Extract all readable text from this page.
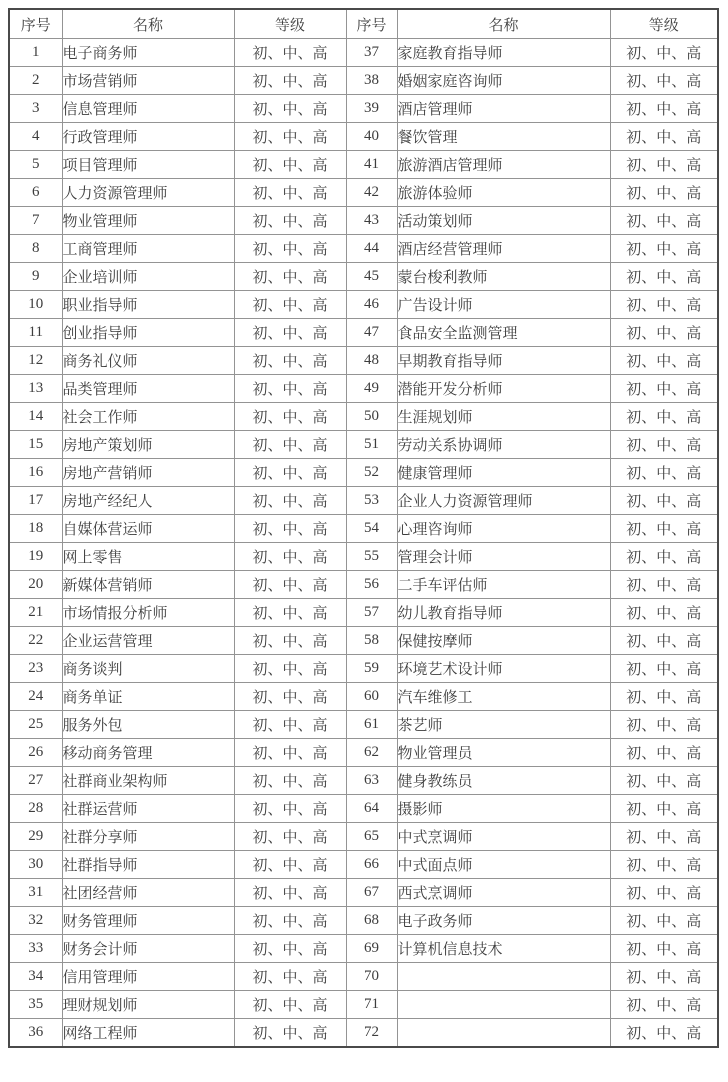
序号	名称	等级	序号	名称	等级
1	电子商务师	初、中、高	37	家庭教育指导师	初、中、高
2	市场营销师	初、中、高	38	婚姻家庭咨询师	初、中、高
3	信息管理师	初、中、高	39	酒店管理师	初、中、高
4	行政管理师	初、中、高	40	餐饮管理	初、中、高
5	项目管理师	初、中、高	41	旅游酒店管理师	初、中、高
6	人力资源管理师	初、中、高	42	旅游体验师	初、中、高
7	物业管理师	初、中、高	43	活动策划师	初、中、高
8	工商管理师	初、中、高	44	酒店经营管理师	初、中、高
9	企业培训师	初、中、高	45	蒙台梭利教师	初、中、高
10	职业指导师	初、中、高	46	广告设计师	初、中、高
11	创业指导师	初、中、高	47	食品安全监测管理	初、中、高
12	商务礼仪师	初、中、高	48	早期教育指导师	初、中、高
13	品类管理师	初、中、高	49	潜能开发分析师	初、中、高
14	社会工作师	初、中、高	50	生涯规划师	初、中、高
15	房地产策划师	初、中、高	51	劳动关系协调师	初、中、高
16	房地产营销师	初、中、高	52	健康管理师	初、中、高
17	房地产经纪人	初、中、高	53	企业人力资源管理师	初、中、高
18	自媒体营运师	初、中、高	54	心理咨询师	初、中、高
19	网上零售	初、中、高	55	管理会计师	初、中、高
20	新媒体营销师	初、中、高	56	二手车评估师	初、中、高
21	市场情报分析师	初、中、高	57	幼儿教育指导师	初、中、高
22	企业运营管理	初、中、高	58	保健按摩师	初、中、高
23	商务谈判	初、中、高	59	环境艺术设计师	初、中、高
24	商务单证	初、中、高	60	汽车维修工	初、中、高
25	服务外包	初、中、高	61	茶艺师	初、中、高
26	移动商务管理	初、中、高	62	物业管理员	初、中、高
27	社群商业架构师	初、中、高	63	健身教练员	初、中、高
28	社群运营师	初、中、高	64	摄影师	初、中、高
29	社群分享师	初、中、高	65	中式烹调师	初、中、高
30	社群指导师	初、中、高	66	中式面点师	初、中、高
31	社团经营师	初、中、高	67	西式烹调师	初、中、高
32	财务管理师	初、中、高	68	电子政务师	初、中、高
33	财务会计师	初、中、高	69	计算机信息技术	初、中、高
34	信用管理师	初、中、高	70		初、中、高
35	理财规划师	初、中、高	71		初、中、高
36	网络工程师	初、中、高	72		初、中、高
